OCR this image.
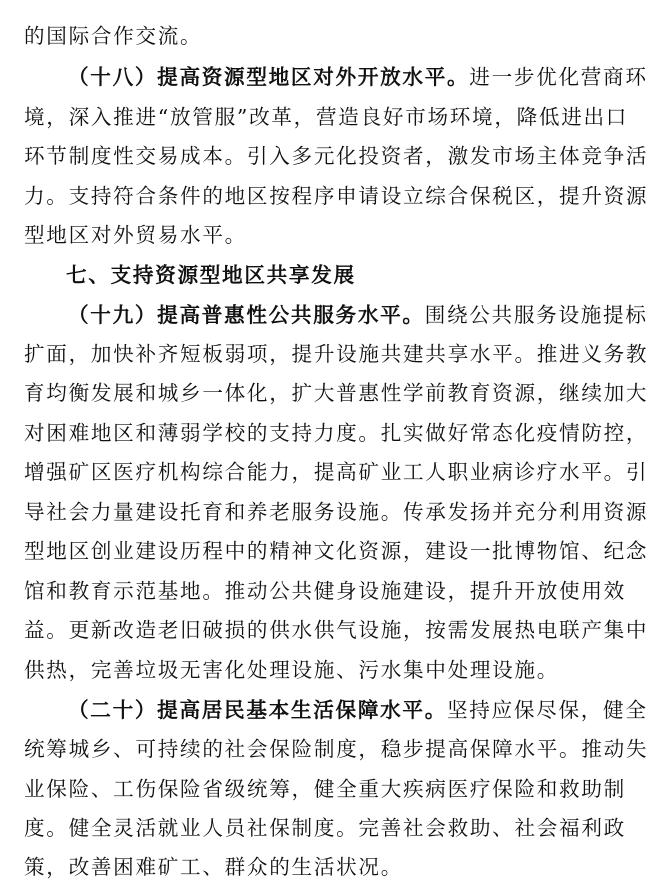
的国际合作交流。
（十八）提高资源型地区对外开放水平。进一步优化营商环
境，深入推进“放管服”改革，营造良好市场环境，降低进出口
环节制度性交易成本。引入多元化投资者，激发市场主体竞争活
力。支持符合条件的地区按程序申请设立综合保税区，提升资源
型地区对外贸易水平。
七、支持资源型地区共享发展
（十九）提高普惠性公共服务水平。围绕公共服务设施提标
扩面，加快补齐短板弱项，提升设施共建共享水平。推进义务教
育均衡发展和城乡一体化，扩大普惠性学前教育资源，继续加大
对困难地区和薄弱学校的支持力度。扎实做好常态化疫情防控，
增强矿区医疗机构综合能力，提高矿业工人职业病诊疗水平。引
导社会力量建设托育和养老服务设施。传承发扬并充分利用资源
型地区创业建设历程中的精神文化资源，建设一批博物馆、纪念
馆和教育示范基地。推动公共健身设施建设，提升开放使用效
益。更新改造老旧破损的供水供气设施，按需发展热电联产集中
供热，完善垃圾无害化处理设施、污水集中处理设施。
（二十）提高居民基本生活保障水平。坚持应保尽保，健全
统筹城乡、可持续的社会保险制度，稳步提高保障水平。推动失
业保险、工伤保险省级统筹，健全重大疾病医疗保险和救助制
度。健全灵活就业人员社保制度。完善社会救助、社会福利政
策，改善困难矿工、群众的生活状况。
